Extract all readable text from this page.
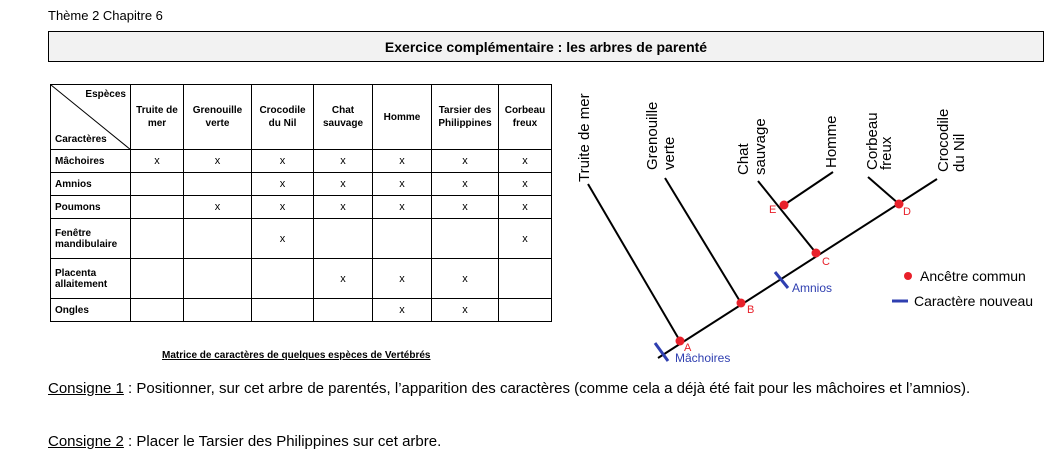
Thème 2 Chapitre 6
Exercice complémentaire : les arbres de parenté
Espèces
Caractères	Truite de mer	Grenouille verte	Crocodile du Nil	Chat sauvage	Homme	Tarsier des Philippines	Corbeau freux
Mâchoires	x	x	x	x	x	x	x
Amnios			x	x	x	x	x
Poumons		x	x	x	x	x	x
Fenêtre mandibulaire			x				x
Placenta allaitement				x	x	x	
Ongles					x	x	
Matrice de caractères de quelques espèces de Vertébrés
Truite de mer	Grenouille verte	Chat sauvage	Homme Corbeau
freux	Crocodile du Nil
Mâchoires
Amnios
A
B
C
D
E
Ancêtre commun
Caractère nouveau
Consigne 1 : Positionner, sur cet arbre de parentés, l’apparition des caractères (comme cela a déjà été fait pour les mâchoires et l’amnios).
Consigne 2 : Placer le Tarsier des Philippines sur cet arbre.
